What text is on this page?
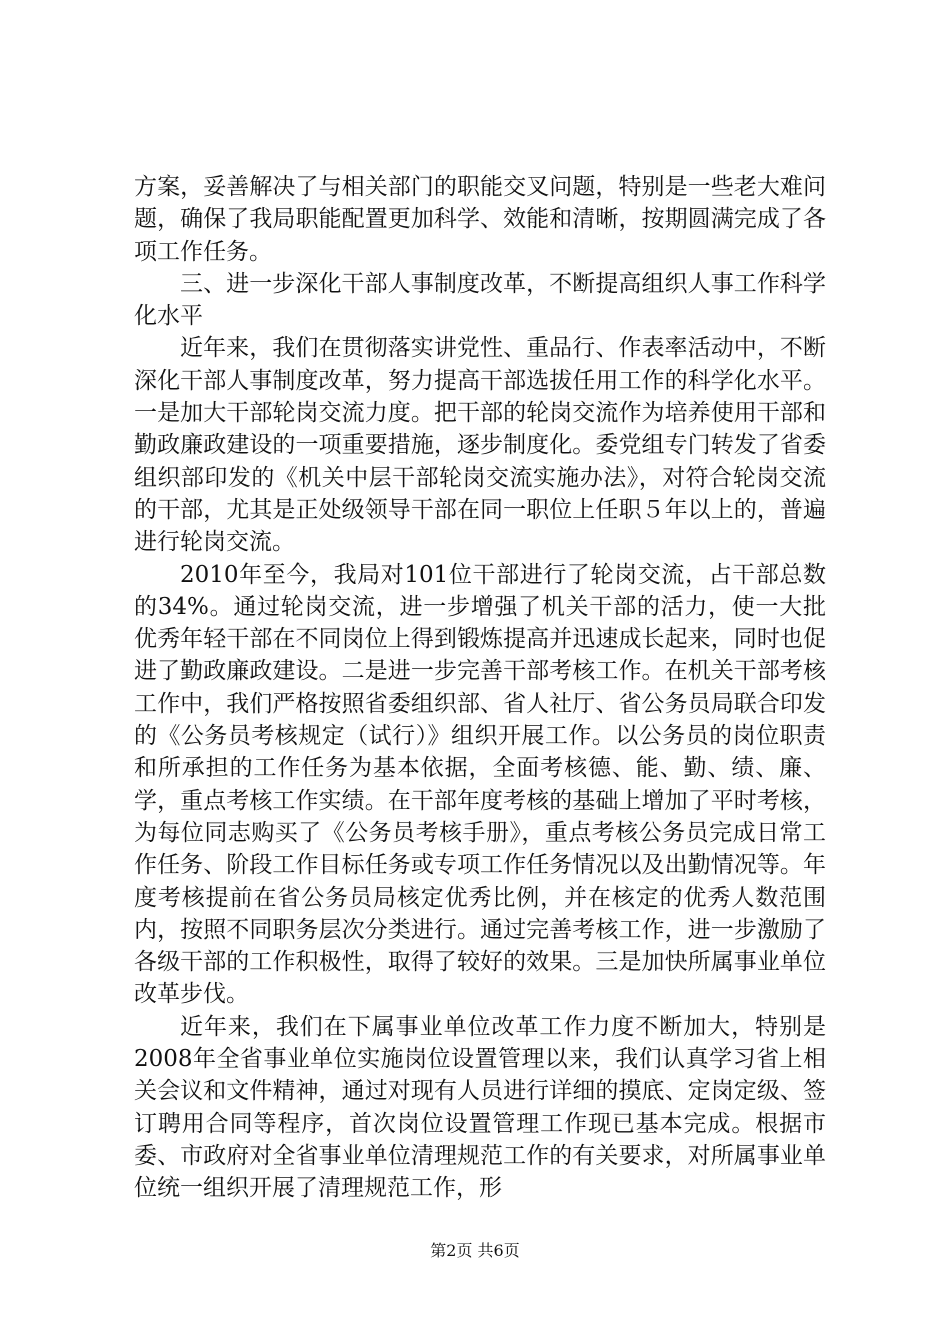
方案，妥善解决了与相关部门的职能交叉问题，特别是一些老大难问题，确保了我局职能配置更加科学、效能和清晰，按期圆满完成了各项工作任务。

三、进一步深化干部人事制度改革，不断提高组织人事工作科学化水平

近年来，我们在贯彻落实讲党性、重品行、作表率活动中，不断深化干部人事制度改革，努力提高干部选拔任用工作的科学化水平。一是加大干部轮岗交流力度。把干部的轮岗交流作为培养使用干部和勤政廉政建设的一项重要措施，逐步制度化。委党组专门转发了省委组织部印发的《机关中层干部轮岗交流实施办法》，对符合轮岗交流的干部，尤其是正处级领导干部在同一职位上任职５年以上的，普遍进行轮岗交流。

2010年至今，我局对101位干部进行了轮岗交流，占干部总数的34%。通过轮岗交流，进一步增强了机关干部的活力，使一大批优秀年轻干部在不同岗位上得到锻炼提高并迅速成长起来，同时也促进了勤政廉政建设。二是进一步完善干部考核工作。在机关干部考核工作中，我们严格按照省委组织部、省人社厅、省公务员局联合印发的《公务员考核规定（试行）》组织开展工作。以公务员的岗位职责和所承担的工作任务为基本依据，全面考核德、能、勤、绩、廉、学，重点考核工作实绩。在干部年度考核的基础上增加了平时考核，为每位同志购买了《公务员考核手册》，重点考核公务员完成日常工作任务、阶段工作目标任务或专项工作任务情况以及出勤情况等。年度考核提前在省公务员局核定优秀比例，并在核定的优秀人数范围内，按照不同职务层次分类进行。通过完善考核工作，进一步激励了各级干部的工作积极性，取得了较好的效果。三是加快所属事业单位改革步伐。

近年来，我们在下属事业单位改革工作力度不断加大，特别是2008年全省事业单位实施岗位设置管理以来，我们认真学习省上相关会议和文件精神，通过对现有人员进行详细的摸底、定岗定级、签订聘用合同等程序，首次岗位设置管理工作现已基本完成。根据市委、市政府对全省事业单位清理规范工作的有关要求，对所属事业单位统一组织开展了清理规范工作，形

第2页 共6页
